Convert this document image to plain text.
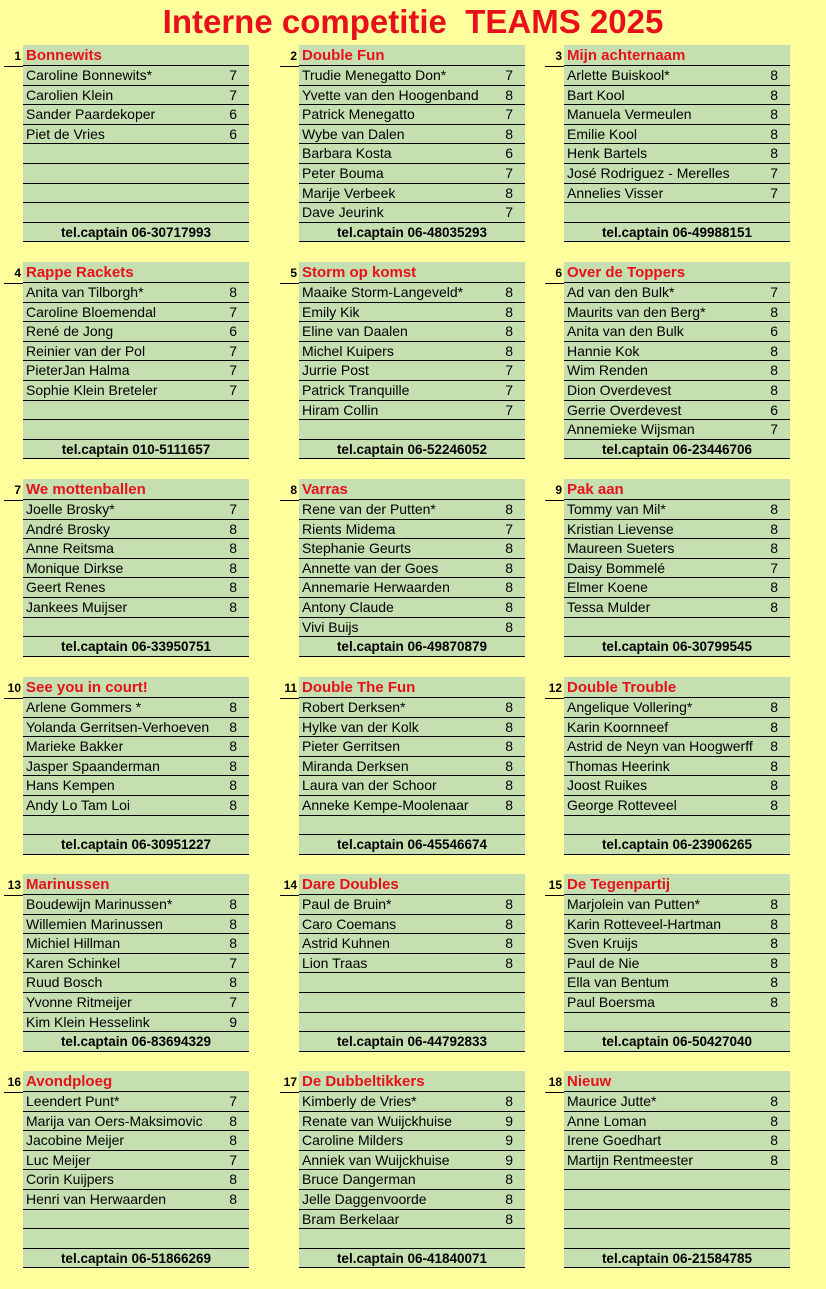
Interne competitie  TEAMS 2025
1 Bonnewits
Caroline Bonnewits*	7
Carolien Klein	7
Sander Paardekoper	6
Piet de Vries	6
tel.captain 06-30717993
2 Double Fun
Trudie Menegatto Don*	7
Yvette van den Hoogenband 8
Patrick Menegatto	7
Wybe van Dalen	8
Barbara Kosta	6
Peter Bouma	7
Marije Verbeek	8
Dave Jeurink	7
tel.captain 06-48035293
3 Mijn achternaam
Arlette Buiskool*	8
Bart Kool	8
Manuela Vermeulen	8
Emilie Kool	8
Henk Bartels	8
José Rodriguez - Merelles	7
Annelies Visser	7
tel.captain 06-49988151
4 Rappe Rackets
Anita van Tilborgh*	8
Caroline Bloemendal	7
René de Jong	6
Reinier van der Pol	7
PieterJan Halma	7
Sophie Klein Breteler	7
tel.captain 010-5111657
5 Storm op komst
Maaike Storm-Langeveld*	8
Emily Kik	8
Eline van Daalen	8
Michel Kuipers	8
Jurrie Post	7
Patrick Tranquille	7
Hiram Collin	7
tel.captain 06-52246052
6 Over de Toppers
Ad van den Bulk*	7
Maurits van den Berg*	8
Anita van den Bulk	6
Hannie Kok	8
Wim Renden	8
Dion Overdevest	8
Gerrie Overdevest	6
Annemieke Wijsman	7
tel.captain 06-23446706
7 We mottenballen
Joelle Brosky*	7
André Brosky	8
Anne Reitsma	8
Monique Dirkse	8
Geert Renes	8
Jankees Muijser	8
tel.captain 06-33950751
8 Varras
Rene van der Putten*	8
Rients Midema	7
Stephanie Geurts	8
Annette van der Goes	8
Annemarie Herwaarden	8
Antony Claude	8
Vivi Buijs	8
tel.captain 06-49870879
9 Pak aan
Tommy van Mil*	8
Kristian Lievense	8
Maureen Sueters	8
Daisy Bommelé	7
Elmer Koene	8
Tessa Mulder	8
tel.captain 06-30799545
10 See you in court!
Arlene Gommers *	8
Yolanda Gerritsen-Verhoeven 8
Marieke Bakker	8
Jasper Spaanderman	8
Hans Kempen	8
Andy Lo Tam Loi	8
tel.captain 06-30951227
11 Double The Fun
Robert Derksen*	8
Hylke van der Kolk	8
Pieter Gerritsen	8
Miranda Derksen	8
Laura van der Schoor	8
Anneke Kempe-Moolenaar	8
tel.captain 06-45546674
12 Double Trouble
Angelique Vollering*	8
Karin Koornneef	8
Astrid de Neyn van Hoogwerff 8
Thomas Heerink	8
Joost Ruikes	8
George Rotteveel	8
tel.captain 06-23906265
13 Marinussen
Boudewijn Marinussen*	8
Willemien Marinussen	8
Michiel Hillman	8
Karen Schinkel	7
Ruud Bosch	8
Yvonne Ritmeijer	7
Kim Klein Hesselink	9
tel.captain 06-83694329
14 Dare Doubles
Paul de Bruin*	8
Caro Coemans	8
Astrid Kuhnen	8
Lion Traas	8
tel.captain 06-44792833
15 De Tegenpartij
Marjolein van Putten*	8
Karin Rotteveel-Hartman	8
Sven Kruijs	8
Paul de Nie	8
Ella van Bentum	8
Paul Boersma	8
tel.captain 06-50427040
16 Avondploeg
Leendert Punt*	7
Marija van Oers-Maksimovic 8
Jacobine Meijer	8
Luc Meijer	7
Corin Kuijpers	8
Henri van Herwaarden	8
tel.captain 06-51866269
17 De Dubbeltikkers
Kimberly de Vries*	8
Renate van Wuijckhuise	9
Caroline Milders	9
Anniek van Wuijckhuise	9
Bruce Dangerman	8
Jelle Daggenvoorde	8
Bram Berkelaar	8
tel.captain 06-41840071
18 Nieuw
Maurice Jutte*	8
Anne Loman	8
Irene Goedhart	8
Martijn Rentmeester	8
tel.captain 06-21584785
